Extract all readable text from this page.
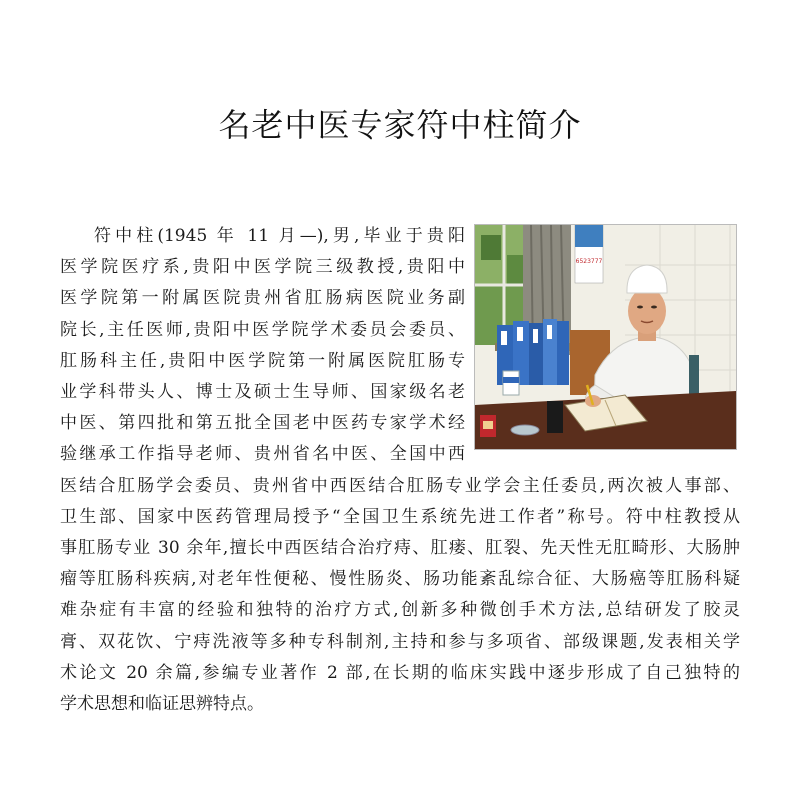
名老中医专家符中柱简介
符中柱(1945 年 11 月—),男,毕业于贵阳
医学院医疗系,贵阳中医学院三级教授,贵阳中
医学院第一附属医院贵州省肛肠病医院业务副
院长,主任医师,贵阳中医学院学术委员会委员、
肛肠科主任,贵阳中医学院第一附属医院肛肠专
业学科带头人、博士及硕士生导师、国家级名老
中医、第四批和第五批全国老中医药专家学术经
验继承工作指导老师、贵州省名中医、全国中西
医结合肛肠学会委员、贵州省中西医结合肛肠专业学会主任委员,两次被人事部、
卫生部、国家中医药管理局授予“全国卫生系统先进工作者”称号。符中柱教授从
事肛肠专业 30 余年,擅长中西医结合治疗痔、肛瘘、肛裂、先天性无肛畸形、大肠肿
瘤等肛肠科疾病,对老年性便秘、慢性肠炎、肠功能紊乱综合征、大肠癌等肛肠科疑
难杂症有丰富的经验和独特的治疗方式,创新多种微创手术方法,总结研发了胶灵
膏、双花饮、宁痔洗液等多种专科制剂,主持和参与多项省、部级课题,发表相关学
术论文 20 余篇,参编专业著作 2 部,在长期的临床实践中逐步形成了自己独特的
学术思想和临证思辨特点。
6523777
